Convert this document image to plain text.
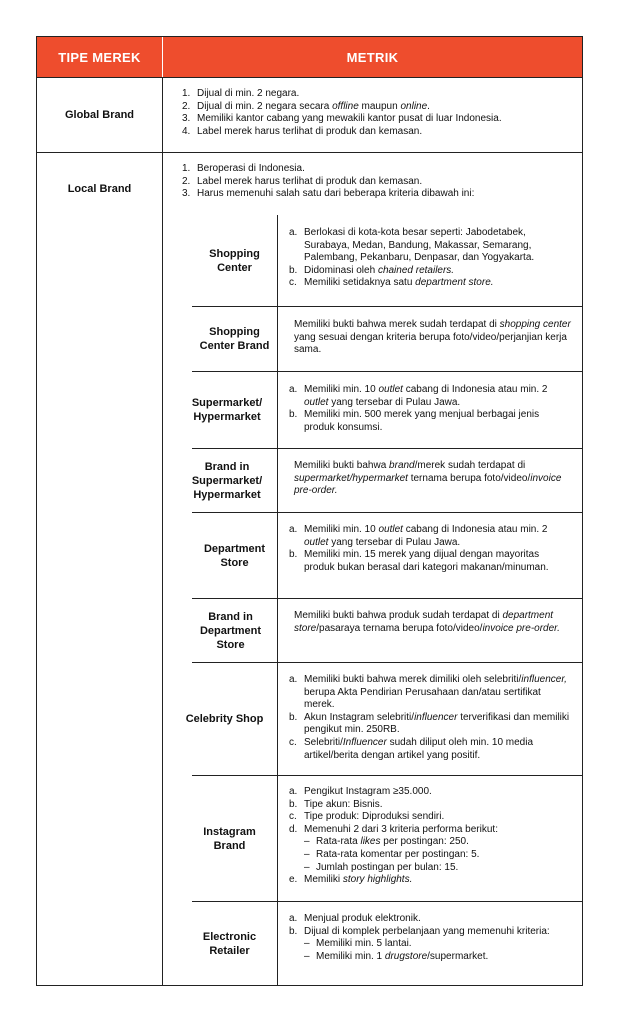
TIPE MEREK	METRIK
Global Brand
1. Dijual di min. 2 negara.
2. Dijual di min. 2 negara secara offline maupun online.
3. Memiliki kantor cabang yang mewakili kantor pusat di luar Indonesia.
4. Label merek harus terlihat di produk dan kemasan.
Local Brand
1. Beroperasi di Indonesia.
2. Label merek harus terlihat di produk dan kemasan.
3. Harus memenuhi salah satu dari beberapa kriteria dibawah ini:
Shopping Center
a. Berlokasi di kota-kota besar seperti: Jabodetabek, Surabaya, Medan, Bandung, Makassar, Semarang, Palembang, Pekanbaru, Denpasar, dan Yogyakarta.
b. Didominasi oleh chained retailers.
c. Memiliki setidaknya satu department store.
Shopping Center Brand
Memiliki bukti bahwa merek sudah terdapat di shopping center yang sesuai dengan kriteria berupa foto/video/perjanjian kerja sama.
Supermarket/ Hypermarket
a. Memiliki min. 10 outlet cabang di Indonesia atau min. 2 outlet yang tersebar di Pulau Jawa.
b. Memiliki min. 500 merek yang menjual berbagai jenis produk konsumsi.
Brand in Supermarket/ Hypermarket
Memiliki bukti bahwa brand/merek sudah terdapat di supermarket/hypermarket ternama berupa foto/video/invoice pre-order.
Department Store
a. Memiliki min. 10 outlet cabang di Indonesia atau min. 2 outlet yang tersebar di Pulau Jawa.
b. Memiliki min. 15 merek yang dijual dengan mayoritas produk bukan berasal dari kategori makanan/minuman.
Brand in Department Store
Memiliki bukti bahwa produk sudah terdapat di department store/pasaraya ternama berupa foto/video/invoice pre-order.
Celebrity Shop
a. Memiliki bukti bahwa merek dimiliki oleh selebriti/influencer, berupa Akta Pendirian Perusahaan dan/atau sertifikat merek.
b. Akun Instagram selebriti/influencer terverifikasi dan memiliki pengikut min. 250RB.
c. Selebriti/Influencer sudah diliput oleh min. 10 media artikel/berita dengan artikel yang positif.
Instagram Brand
a. Pengikut Instagram ≥35.000.
b. Tipe akun: Bisnis.
c. Tipe produk: Diproduksi sendiri.
d. Memenuhi 2 dari 3 kriteria performa berikut:
– Rata-rata likes per postingan: 250.
– Rata-rata komentar per postingan: 5.
– Jumlah postingan per bulan: 15.
e. Memiliki story highlights.
Electronic Retailer
a. Menjual produk elektronik.
b. Dijual di komplek perbelanjaan yang memenuhi kriteria:
– Memiliki min. 5 lantai.
– Memiliki min. 1 drugstore/supermarket.
